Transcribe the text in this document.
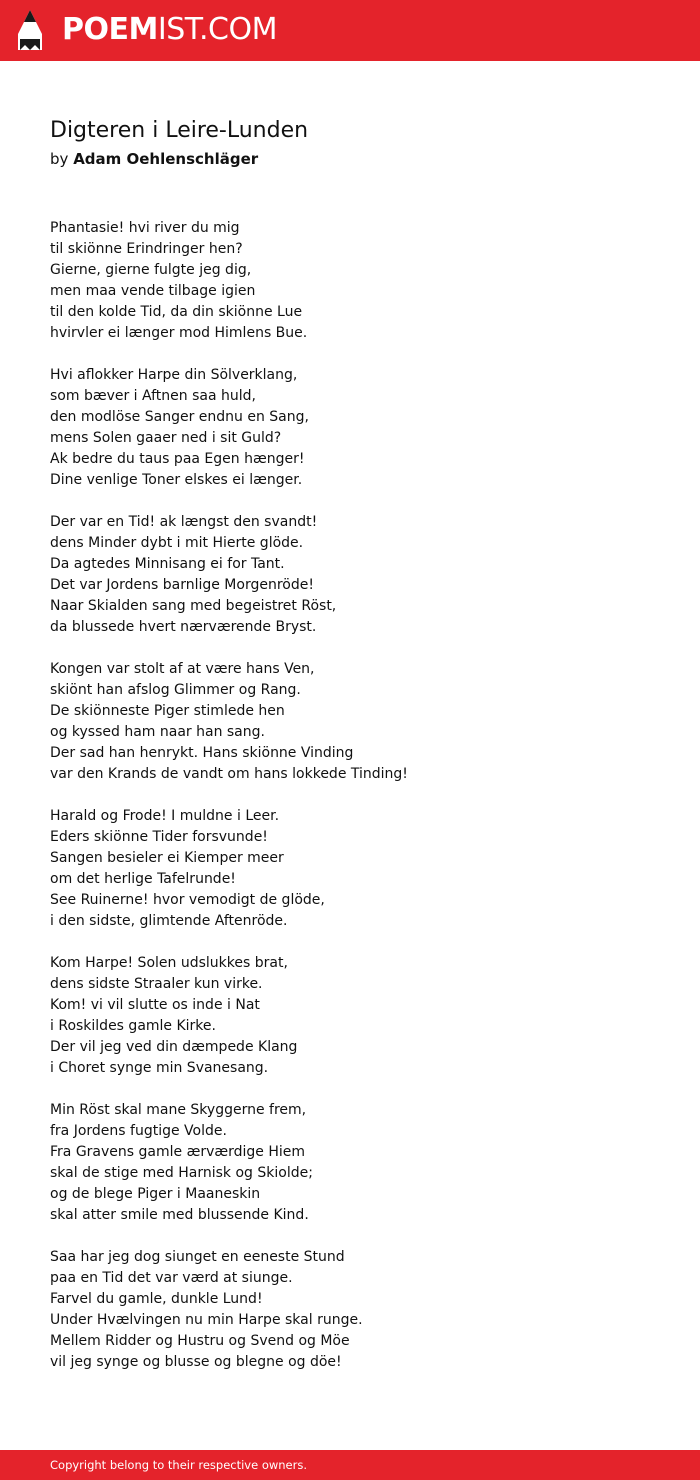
POEMIST.COM
Digteren i Leire-Lunden
by Adam Oehlenschläger
Phantasie! hvi river du mig
til skiönne Erindringer hen?
Gierne, gierne fulgte jeg dig,
men maa vende tilbage igien
til den kolde Tid, da din skiönne Lue
hvirvler ei længer mod Himlens Bue.
Hvi aflokker Harpe din Sölverklang,
som bæver i Aftnen saa huld,
den modlöse Sanger endnu en Sang,
mens Solen gaaer ned i sit Guld?
Ak bedre du taus paa Egen hænger!
Dine venlige Toner elskes ei længer.
Der var en Tid! ak længst den svandt!
dens Minder dybt i mit Hierte glöde.
Da agtedes Minnisang ei for Tant.
Det var Jordens barnlige Morgenröde!
Naar Skialden sang med begeistret Röst,
da blussede hvert nærværende Bryst.
Kongen var stolt af at være hans Ven,
skiönt han afslog Glimmer og Rang.
De skiönneste Piger stimlede hen
og kyssed ham naar han sang.
Der sad han henrykt. Hans skiönne Vinding
var den Krands de vandt om hans lokkede Tinding!
Harald og Frode! I muldne i Leer.
Eders skiönne Tider forsvunde!
Sangen besieler ei Kiemper meer
om det herlige Tafelrunde!
See Ruinerne! hvor vemodigt de glöde,
i den sidste, glimtende Aftenröde.
Kom Harpe! Solen udslukkes brat,
dens sidste Straaler kun virke.
Kom! vi vil slutte os inde i Nat
i Roskildes gamle Kirke.
Der vil jeg ved din dæmpede Klang
i Choret synge min Svanesang.
Min Röst skal mane Skyggerne frem,
fra Jordens fugtige Volde.
Fra Gravens gamle ærværdige Hiem
skal de stige med Harnisk og Skiolde;
og de blege Piger i Maaneskin
skal atter smile med blussende Kind.
Saa har jeg dog siunget en eeneste Stund
paa en Tid det var værd at siunge.
Farvel du gamle, dunkle Lund!
Under Hvælvingen nu min Harpe skal runge.
Mellem Ridder og Hustru og Svend og Möe
vil jeg synge og blusse og blegne og döe!
Copyright belong to their respective owners.
